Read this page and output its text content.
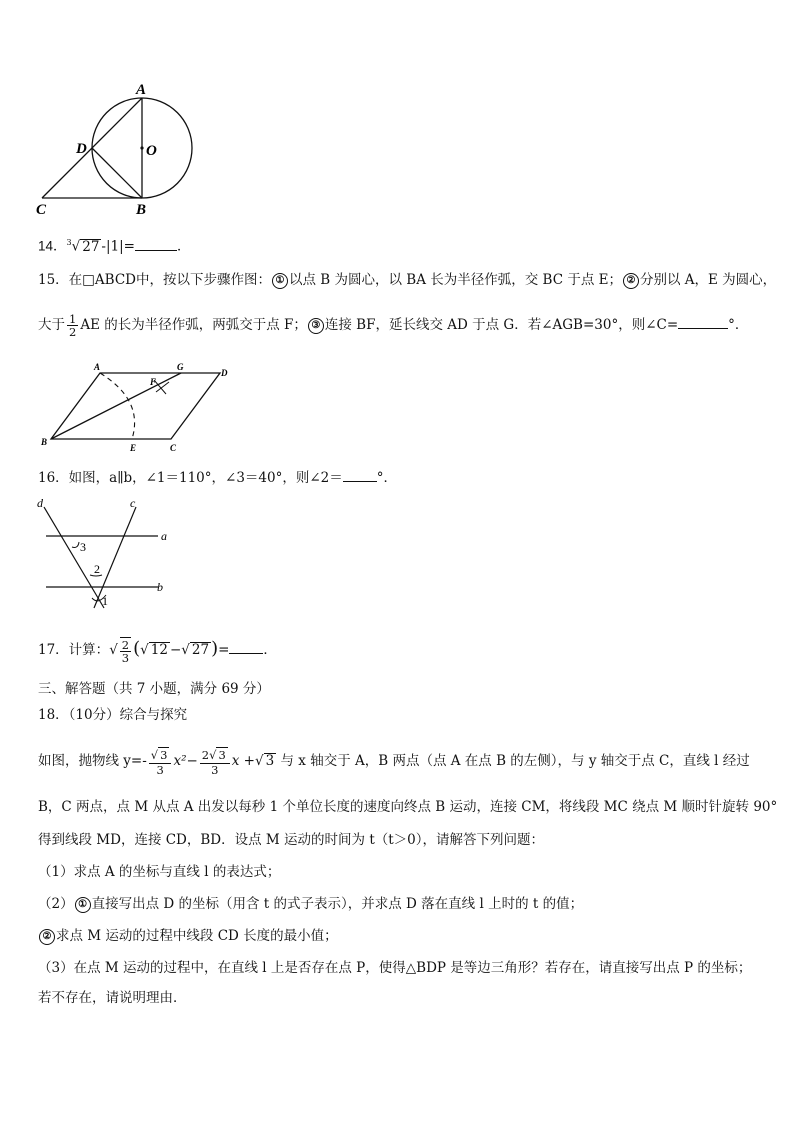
A
D	O
C	B
14．$^3$√ 27 -|1|=	．
15．在□ABCD中，按以下步骤作图： ① 以点 B 为圆心，以 BA 长为半径作弧，交 BC 于点 E； ② 分别以 A，E 为圆心，
大于 $\frac{1}{2}$ AE 的长为半径作弧，两弧交于点 F； ③ 连接 BF，延长线交 AD 于点 G．若∠AGB=30°，则∠C=	°．
A	G
D
F
B
E	C
16．如图，a∥b，∠1＝110°，∠3＝40°，则∠2＝	°．
d	c
a
b
3
2
1
17．计算：√ $\frac{2}{3}$ (√ 12 −√ 27 )=	．
三、解答题（共 7 小题，满分 69 分）
18．（10分）综合与探究
如图，抛物线 $y=- \frac{√ 3}{3} x^2- \frac{2√ 3}{3}$ x +√ 3 与 x 轴交于 A，B 两点（点 A 在点 B 的左侧），与 y 轴交于点 C，直线 l 经过
B，C 两点，点 M 从点 A 出发以每秒 1 个单位长度的速度向终点 B 运动，连接 CM，将线段 MC 绕点 M 顺时针旋转 90°
得到线段 MD，连接 CD，BD．设点 M 运动的时间为 t（t＞0），请解答下列问题：
（1）求点 A 的坐标与直线 l 的表达式；
（2） ① 直接写出点 D 的坐标（用含 t 的式子表示），并求点 D 落在直线 l 上时的 t 的值；
② 求点 M 运动的过程中线段 CD 长度的最小值；
（3）在点 M 运动的过程中，在直线 l 上是否存在点 P，使得△BDP 是等边三角形？若存在，请直接写出点 P 的坐标；
若不存在，请说明理由．
